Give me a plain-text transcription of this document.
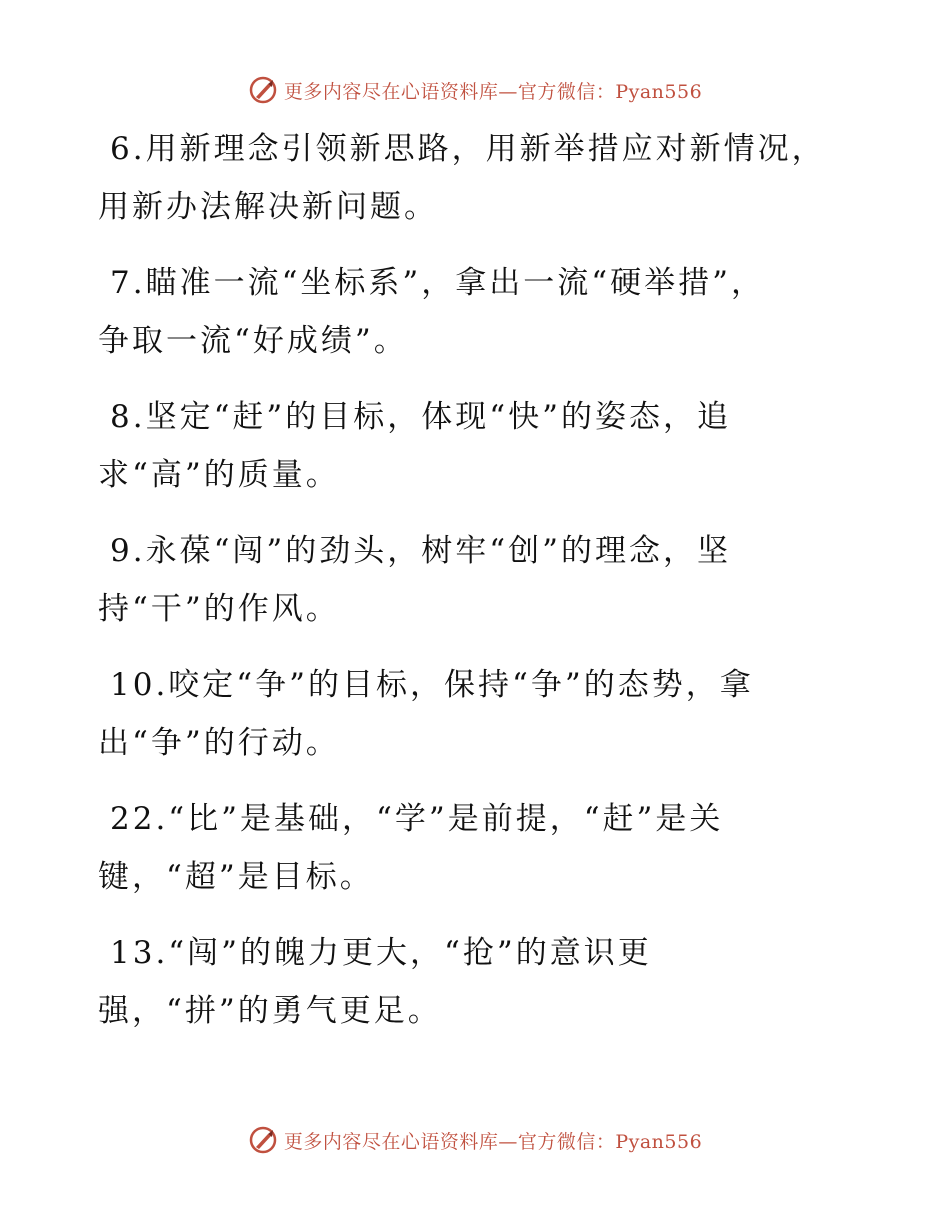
更多内容尽在心语资料库—官方微信：Pyan556
6.用新理念引领新思路，用新举措应对新情况，
用新办法解决新问题。
7.瞄准一流“坐标系”，拿出一流“硬举措”，
争取一流“好成绩”。
8.坚定“赶”的目标，体现“快”的姿态，追
求“高”的质量。
9.永葆“闯”的劲头，树牢“创”的理念，坚
持“干”的作风。
10.咬定“争”的目标，保持“争”的态势，拿
出“争”的行动。
22.“比”是基础，“学”是前提，“赶”是关
键，“超”是目标。
13.“闯”的魄力更大，“抢”的意识更
强，“拼”的勇气更足。
更多内容尽在心语资料库—官方微信：Pyan556
